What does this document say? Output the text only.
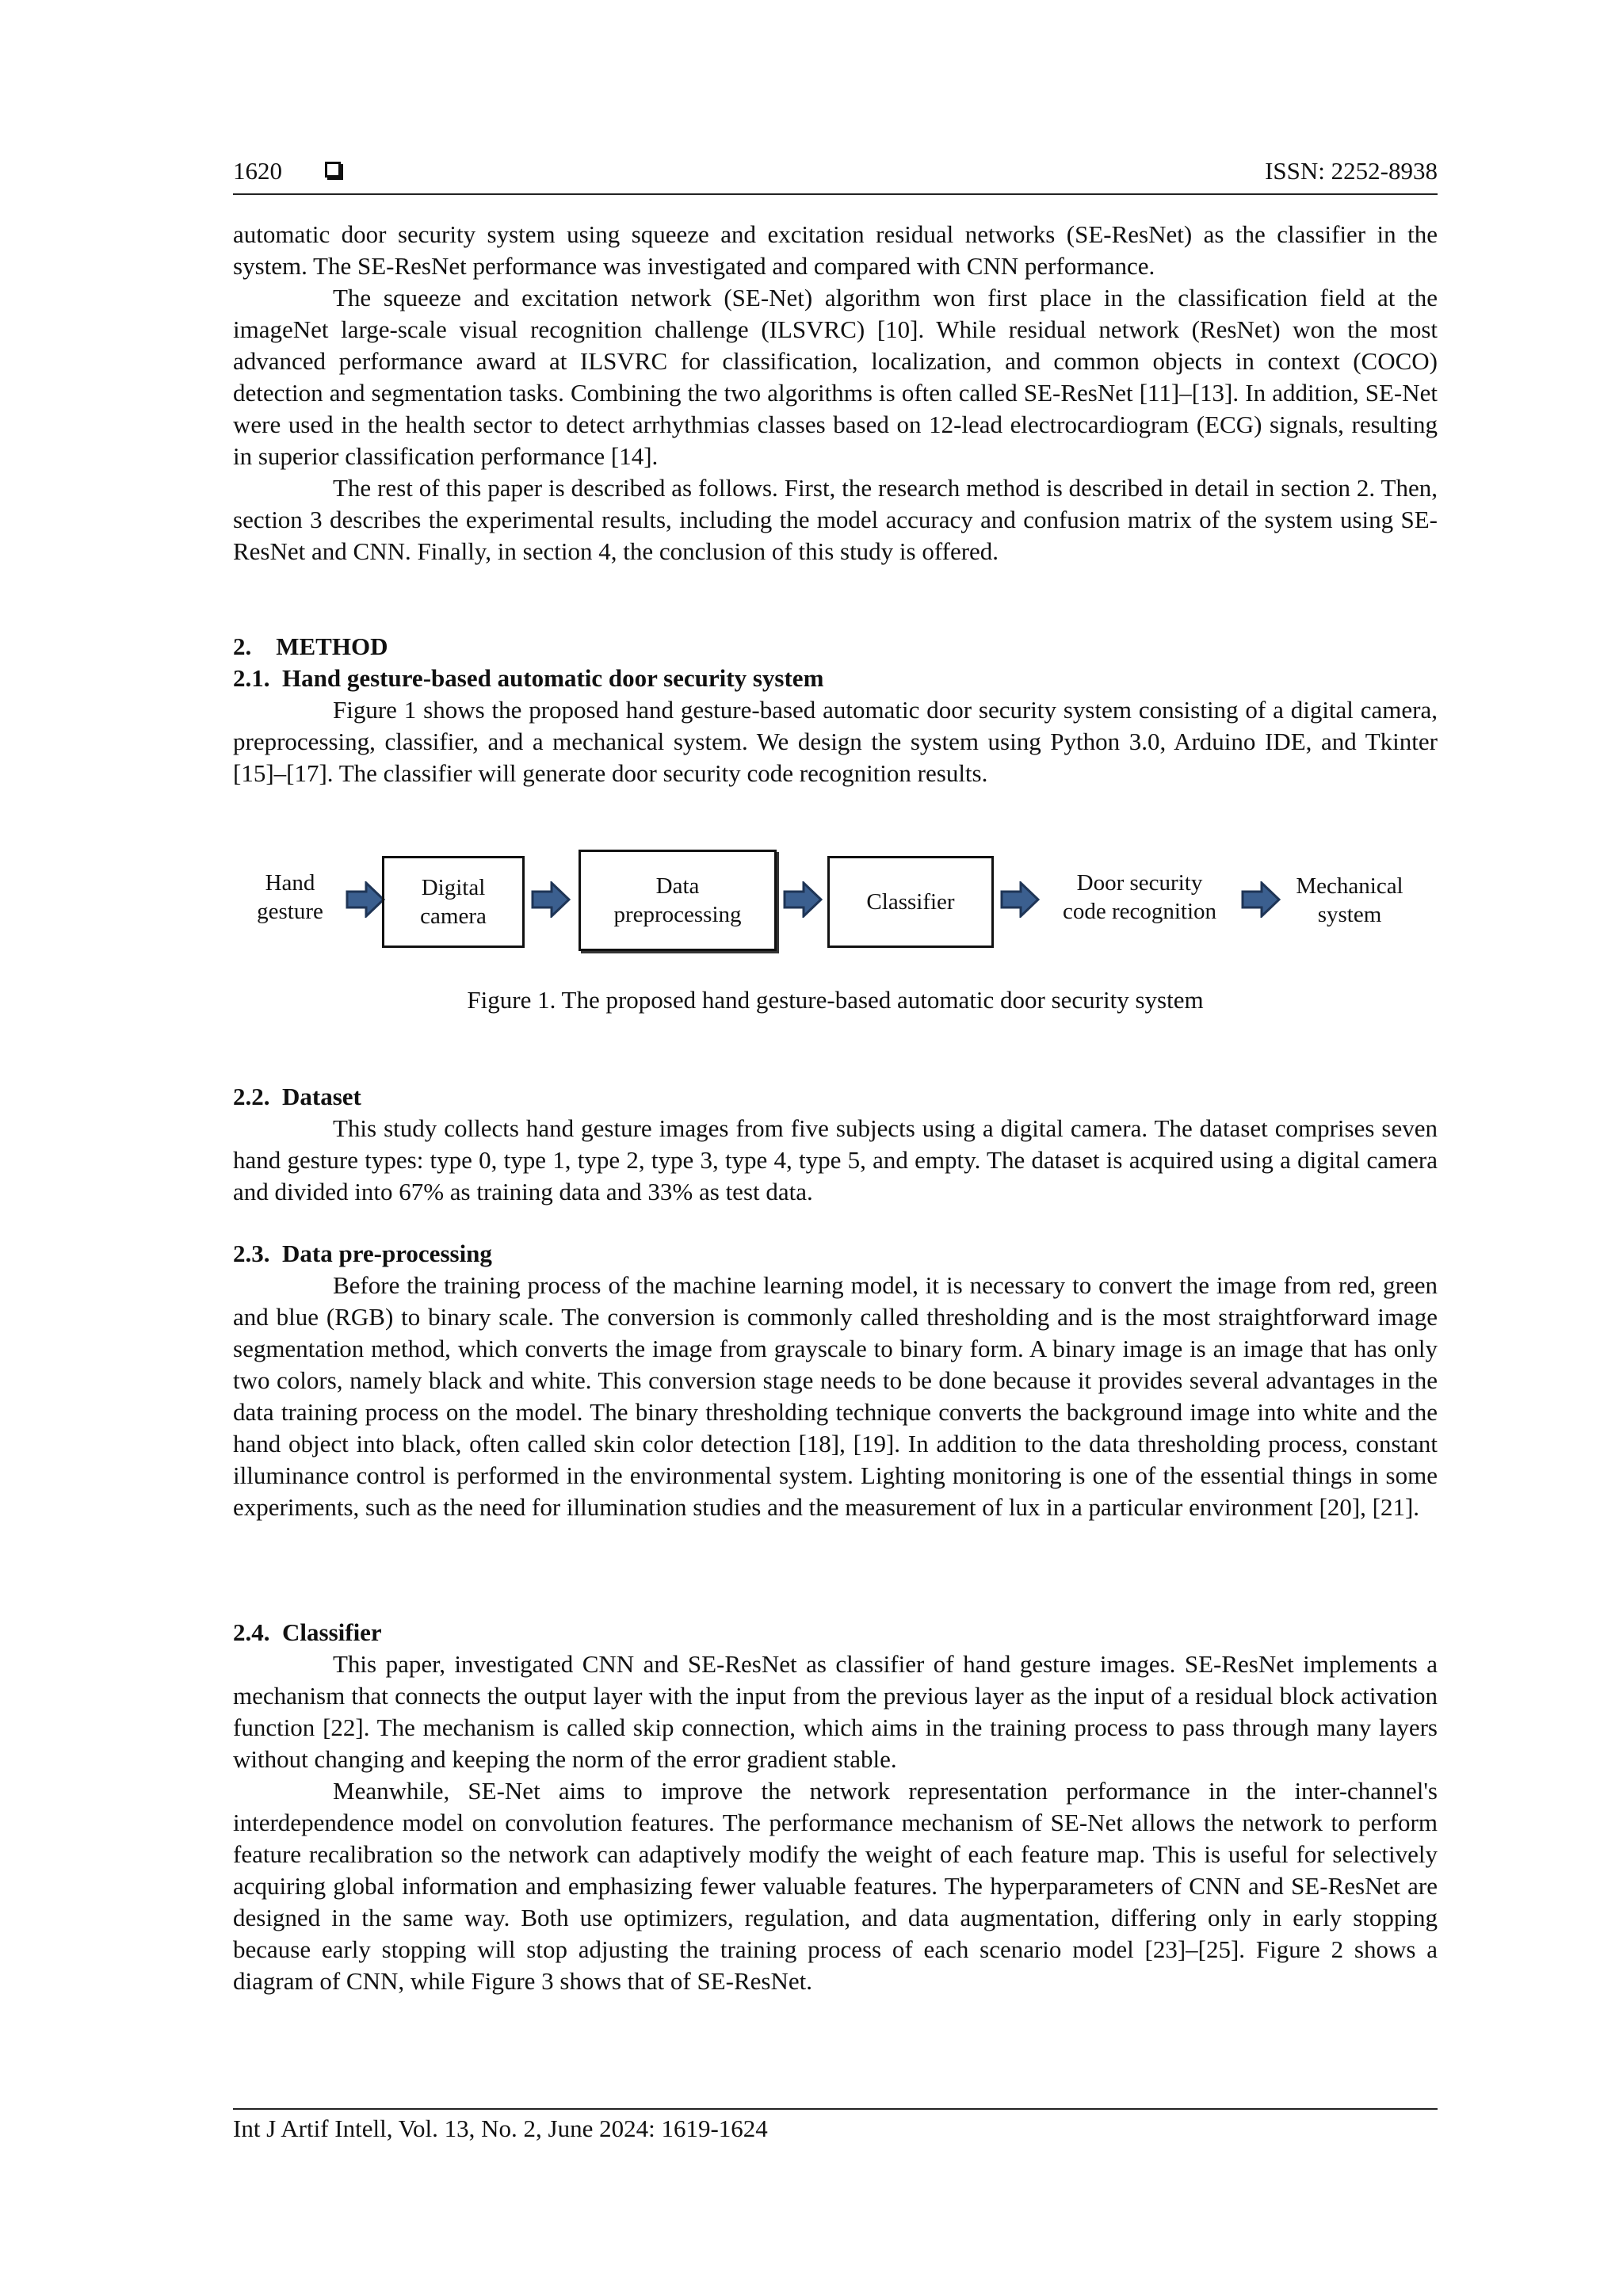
1620	ISSN: 2252-8938

automatic door security system using squeeze and excitation residual networks (SE-ResNet) as the classifier in the system. The SE-ResNet performance was investigated and compared with CNN performance.

The squeeze and excitation network (SE-Net) algorithm won first place in the classification field at the imageNet large-scale visual recognition challenge (ILSVRC) [10]. While residual network (ResNet) won the most advanced performance award at ILSVRC for classification, localization, and common objects in context (COCO) detection and segmentation tasks. Combining the two algorithms is often called SE-ResNet [11]–[13]. In addition, SE-Net were used in the health sector to detect arrhythmias classes based on 12-lead electrocardiogram (ECG) signals, resulting in superior classification performance [14].

The rest of this paper is described as follows. First, the research method is described in detail in section 2. Then, section 3 describes the experimental results, including the model accuracy and confusion matrix of the system using SE-ResNet and CNN. Finally, in section 4, the conclusion of this study is offered.

2.    METHOD

2.1.  Hand gesture-based automatic door security system

Figure 1 shows the proposed hand gesture-based automatic door security system consisting of a digital camera, preprocessing, classifier, and a mechanical system. We design the system using Python 3.0, Arduino IDE, and Tkinter [15]–[17]. The classifier will generate door security code recognition results.

Hand
gesture
Digital
camera
Data
preprocessing	Classifier
Door security
code recognition
Mechanical
system
Figure 1. The proposed hand gesture-based automatic door security system

2.2.  Dataset

This study collects hand gesture images from five subjects using a digital camera. The dataset comprises seven hand gesture types: type 0, type 1, type 2, type 3, type 4, type 5, and empty. The dataset is acquired using a digital camera and divided into 67% as training data and 33% as test data.

2.3.  Data pre-processing

Before the training process of the machine learning model, it is necessary to convert the image from red, green and blue (RGB) to binary scale. The conversion is commonly called thresholding and is the most straightforward image segmentation method, which converts the image from grayscale to binary form. A binary image is an image that has only two colors, namely black and white. This conversion stage needs to be done because it provides several advantages in the data training process on the model. The binary thresholding technique converts the background image into white and the hand object into black, often called skin color detection [18], [19]. In addition to the data thresholding process, constant illuminance control is performed in the environmental system. Lighting monitoring is one of the essential things in some experiments, such as the need for illumination studies and the measurement of lux in a particular environment [20], [21].

2.4.  Classifier

This paper, investigated CNN and SE-ResNet as classifier of hand gesture images. SE-ResNet implements a mechanism that connects the output layer with the input from the previous layer as the input of a residual block activation function [22]. The mechanism is called skip connection, which aims in the training process to pass through many layers without changing and keeping the norm of the error gradient stable.

Meanwhile, SE-Net aims to improve the network representation performance in the inter-channel's interdependence model on convolution features. The performance mechanism of SE-Net allows the network to perform feature recalibration so the network can adaptively modify the weight of each feature map. This is useful for selectively acquiring global information and emphasizing fewer valuable features. The hyperparameters of CNN and SE-ResNet are designed in the same way. Both use optimizers, regulation, and data augmentation, differing only in early stopping because early stopping will stop adjusting the training process of each scenario model [23]–[25]. Figure 2 shows a diagram of CNN, while Figure 3 shows that of SE-ResNet.

Int J Artif Intell, Vol. 13, No. 2, June 2024: 1619-1624
